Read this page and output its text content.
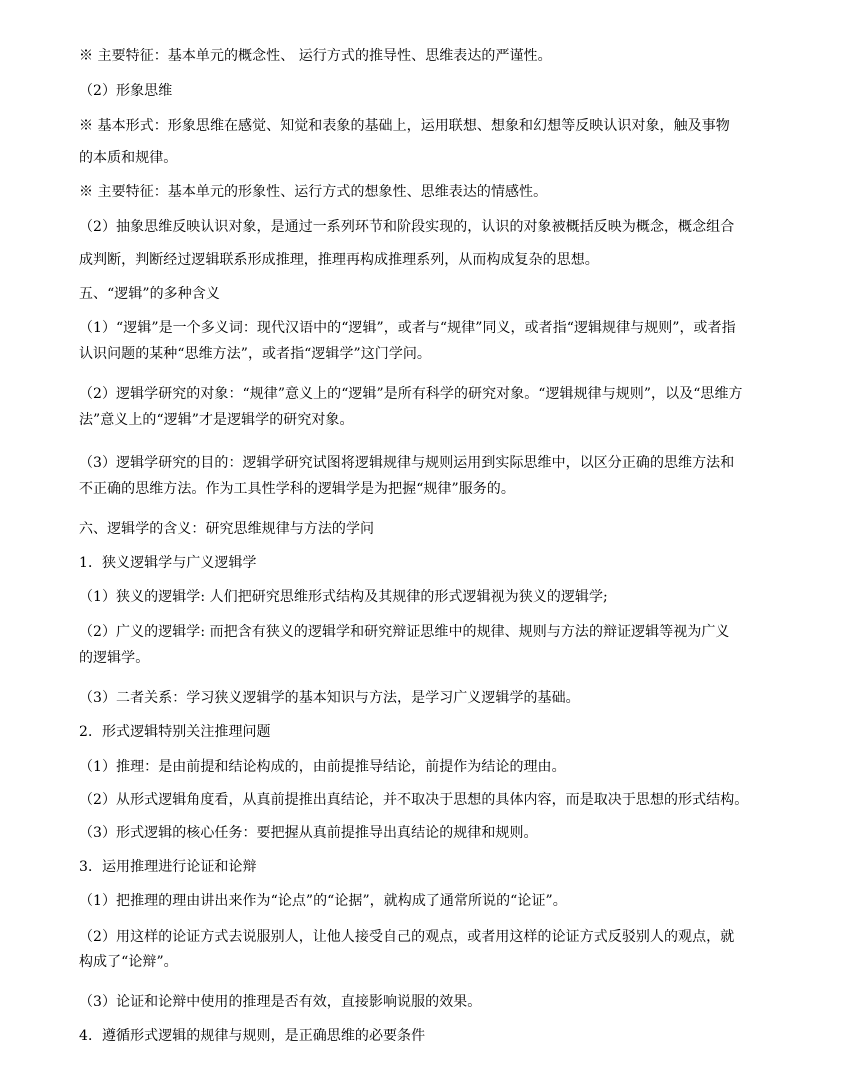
※ 主要特征：基本单元的概念性、 运行方式的推导性、思维表达的严谨性。
（2）形象思维
※ 基本形式：形象思维在感觉、知觉和表象的基础上，运用联想、想象和幻想等反映认识对象，触及事物
的本质和规律。
※ 主要特征：基本单元的形象性、运行方式的想象性、思维表达的情感性。
（2）抽象思维反映认识对象，是通过一系列环节和阶段实现的，认识的对象被概括反映为概念，概念组合
成判断，判断经过逻辑联系形成推理，推理再构成推理系列，从而构成复杂的思想。
五、“逻辑”的多种含义
（1）“逻辑”是一个多义词：现代汉语中的“逻辑”，或者与“规律”同义，或者指“逻辑规律与规则”，或者指
认识问题的某种“思维方法”，或者指“逻辑学”这门学问。
（2）逻辑学研究的对象：“规律”意义上的“逻辑”是所有科学的研究对象。“逻辑规律与规则”，以及“思维方
法”意义上的“逻辑”才是逻辑学的研究对象。
（3）逻辑学研究的目的：逻辑学研究试图将逻辑规律与规则运用到实际思维中，以区分正确的思维方法和
不正确的思维方法。作为工具性学科的逻辑学是为把握“规律”服务的。
六、逻辑学的含义：研究思维规律与方法的学问
1．狭义逻辑学与广义逻辑学
（1）狭义的逻辑学: 人们把研究思维形式结构及其规律的形式逻辑视为狭义的逻辑学;
（2）广义的逻辑学: 而把含有狭义的逻辑学和研究辩证思维中的规律、规则与方法的辩证逻辑等视为广义
的逻辑学。
（3）二者关系：学习狭义逻辑学的基本知识与方法，是学习广义逻辑学的基础。
2．形式逻辑特别关注推理问题
（1）推理：是由前提和结论构成的，由前提推导结论，前提作为结论的理由。
（2）从形式逻辑角度看，从真前提推出真结论，并不取决于思想的具体内容，而是取决于思想的形式结构。
（3）形式逻辑的核心任务：要把握从真前提推导出真结论的规律和规则。
3．运用推理进行论证和论辩
（1）把推理的理由讲出来作为“论点”的“论据”，就构成了通常所说的“论证”。
（2）用这样的论证方式去说服别人，让他人接受自己的观点，或者用这样的论证方式反驳别人的观点，就
构成了“论辩”。
（3）论证和论辩中使用的推理是否有效，直接影响说服的效果。
4．遵循形式逻辑的规律与规则，是正确思维的必要条件
